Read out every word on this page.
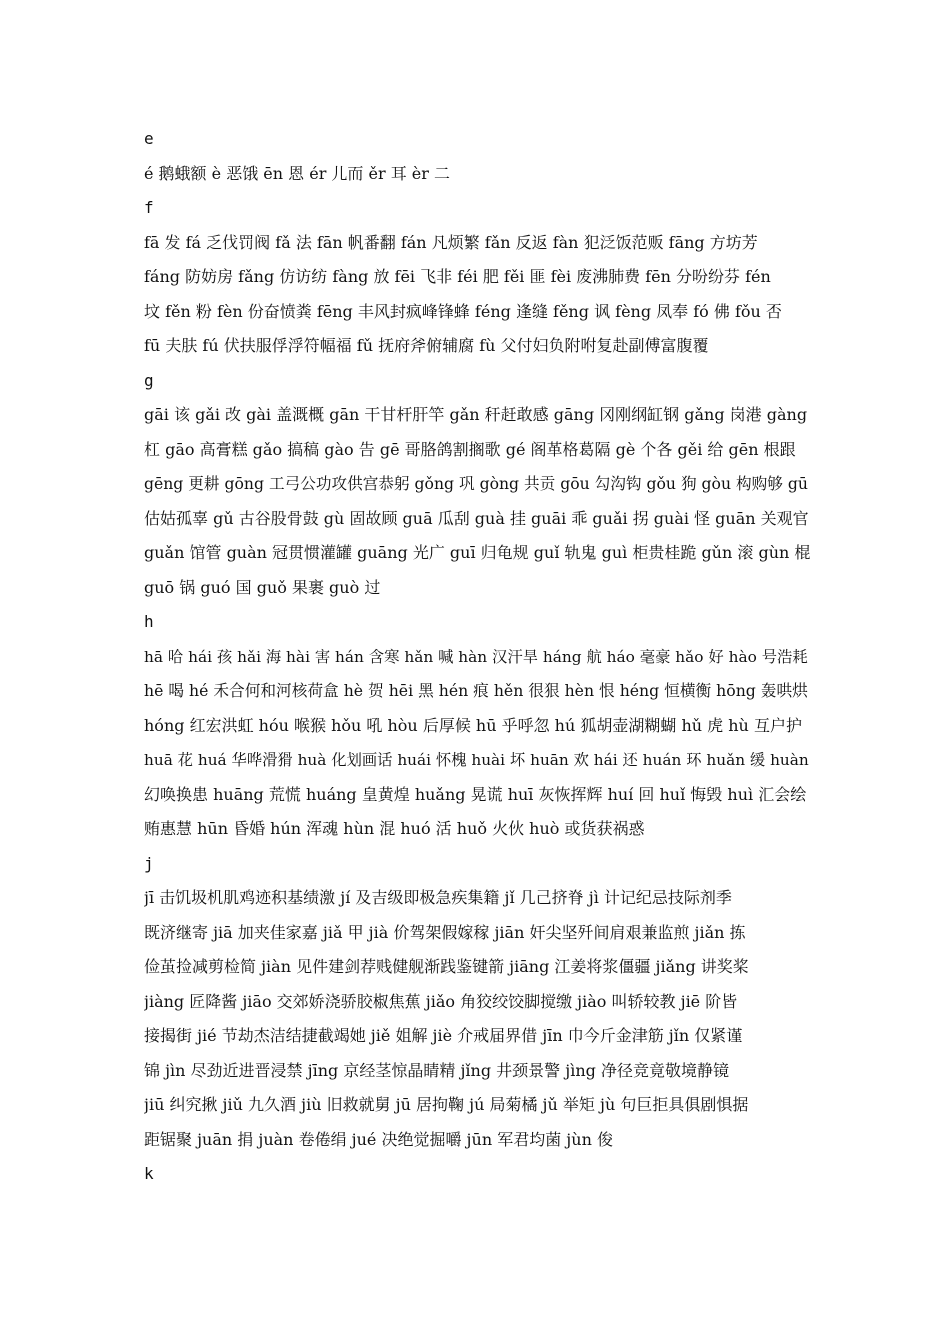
e
é 鹅蛾额 è 恶饿 ēn 恩 ér 儿而 ěr 耳 èr 二
f
fā 发 fá 乏伐罚阀 fǎ 法 fān 帆番翻 fán 凡烦繁 fǎn 反返 fàn 犯泛饭范贩 fāng 方坊芳
fáng 防妨房 fǎng 仿访纺 fàng 放 fēi 飞非 féi 肥 fěi 匪 fèi 废沸肺费 fēn 分吩纷芬 fén
坟 fěn 粉 fèn 份奋愤粪 fēng 丰风封疯峰锋蜂 féng 逢缝 fěng 讽 fèng 凤奉 fó 佛 fǒu 否
fū 夫肤 fú 伏扶服俘浮符幅福 fǔ 抚府斧俯辅腐 fù 父付妇负附咐复赴副傅富腹覆
g
gāi 该 gǎi 改 gài 盖溉概 gān 干甘杆肝竿 gǎn 秆赶敢感 gāng 冈刚纲缸钢 gǎng 岗港 gàng
杠 gāo 高膏糕 gǎo 搞稿 gào 告 gē 哥胳鸽割搁歌 gé 阁革格葛隔 gè 个各 gěi 给 gēn 根跟
gēng 更耕 gōng 工弓公功攻供宫恭躬 gǒng 巩 gòng 共贡 gōu 勾沟钩 gǒu 狗 gòu 构购够 gū
估姑孤辜 gǔ 古谷股骨鼓 gù 固故顾 guā 瓜刮 guà 挂 guāi 乖 guǎi 拐 guài 怪 guān 关观官
guǎn 馆管 guàn 冠贯惯灌罐 guāng 光广 guī 归龟规 guǐ 轨鬼 guì 柜贵桂跪 gǔn 滚 gùn 棍
guō 锅 guó 国 guǒ 果裹 guò 过
h
hā 哈 hái 孩 hǎi 海 hài 害 hán 含寒 hǎn 喊 hàn 汉汗旱 háng 航 háo 毫豪 hǎo 好 hào 号浩耗
hē 喝 hé 禾合何和河核荷盒 hè 贺 hēi 黑 hén 痕 hěn 很狠 hèn 恨 héng 恒横衡 hōng 轰哄烘
hóng 红宏洪虹 hóu 喉猴 hǒu 吼 hòu 后厚候 hū 乎呼忽 hú 狐胡壶湖糊蝴 hǔ 虎 hù 互户护
huā 花 huá 华哗滑猾 huà 化划画话 huái 怀槐 huài 坏 huān 欢 hái 还 huán 环 huǎn 缓 huàn
幻唤换患 huāng 荒慌 huáng 皇黄煌 huǎng 晃谎 huī 灰恢挥辉 huí 回 huǐ 悔毁 huì 汇会绘
贿惠慧 hūn 昏婚 hún 浑魂 hùn 混 huó 活 huǒ 火伙 huò 或货获祸惑
j
jī 击饥圾机肌鸡迹积基绩激 jí 及吉级即极急疾集籍 jǐ 几己挤脊 jì 计记纪忌技际剂季
既济继寄 jiā 加夹佳家嘉 jiǎ 甲 jià 价驾架假嫁稼 jiān 奸尖坚歼间肩艰兼监煎 jiǎn 拣
俭茧捡减剪检简 jiàn 见件建剑荐贱健舰渐践鉴键箭 jiāng 江姜将浆僵疆 jiǎng 讲奖桨
jiàng 匠降酱 jiāo 交郊娇浇骄胶椒焦蕉 jiǎo 角狡绞饺脚搅缴 jiào 叫轿较教 jiē 阶皆
接揭街 jié 节劫杰洁结捷截竭她 jiě 姐解 jiè 介戒届界借 jīn 巾今斤金津筋 jǐn 仅紧谨
锦 jìn 尽劲近进晋浸禁 jīng 京经茎惊晶睛精 jǐng 井颈景警 jìng 净径竞竟敬境静镜
jiū 纠究揪 jiǔ 九久酒 jiù 旧救就舅 jū 居拘鞠 jú 局菊橘 jǔ 举矩 jù 句巨拒具俱剧惧据
距锯聚 juān 捐 juàn 卷倦绢 jué 决绝觉掘嚼 jūn 军君均菌 jùn 俊
k
